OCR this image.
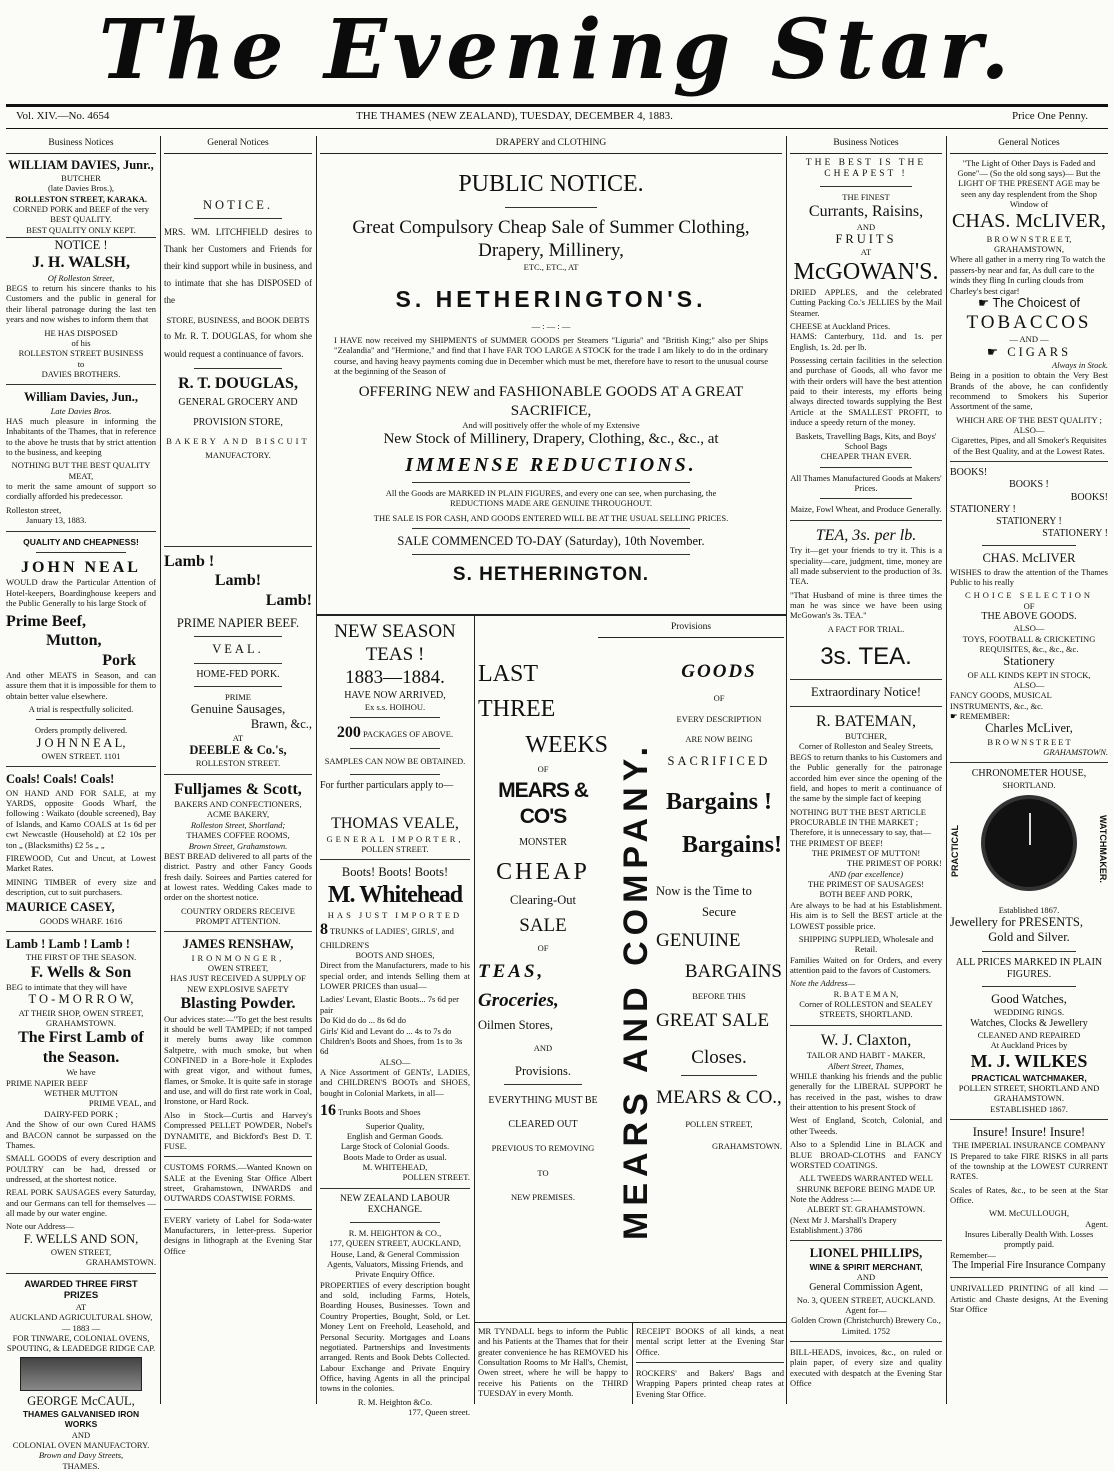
The Evening Star.
Vol. XIV.—No. 4654	THE THAMES (NEW ZEALAND), TUESDAY, DECEMBER 4, 1883.	Price One Penny.
Business Notices
WILLIAM DAVIES, Junr.,
BUTCHER
(late Davies Bros.),
ROLLESTON STREET, KARAKA.
CORNED PORK and BEEF of the very BEST QUALITY.
BEST QUALITY ONLY KEPT.
NOTICE !
J. H. WALSH,
Of Rolleston Street,
BEGS to return his sincere thanks to his Customers and the public in general for their liberal patronage during the last ten years and now wishes to inform them that
HE HAS DISPOSED
of his
ROLLESTON STREET BUSINESS
to
DAVIES BROTHERS.
William Davies, Jun.,
Late Davies Bros.
HAS much pleasure in informing the Inhabitants of the Thames, that in reference to the above he trusts that by strict attention to the business, and keeping
NOTHING BUT THE BEST QUALITY MEAT,
to merit the same amount of support so cordially afforded his predecessor.
Rolleston street,
January 13, 1883.
QUALITY AND CHEAPNESS!
JOHN NEAL
WOULD draw the Particular Attention of Hotel-keepers, Boardinghouse keepers and the Public Generally to his large Stock of
Prime Beef,
Mutton,
Pork
And other MEATS in Season, and can assure them that it is impossible for them to obtain better value elsewhere.
A trial is respectfully solicited.
Orders promptly delivered.
J O H N N E A L,
OWEN STREET. 1101
Coals! Coals! Coals!
ON HAND AND FOR SALE, at my YARDS, opposite Goods Wharf, the following : Waikato (double screened), Bay of Islands, and Kamo COALS at 1s 6d per cwt Newcastle (Household) at £2 10s per ton „ (Blacksmiths) £2 5s „ „
FIREWOOD, Cut and Uncut, at Lowest Market Rates.
MINING TIMBER of every size and description, cut to suit purchasers.
MAURICE CASEY,
GOODS WHARF. 1616
Lamb ! Lamb ! Lamb !
THE FIRST OF THE SEASON.
F. Wells & Son
BEG to intimate that they will have
T O - M O R R O W,
AT THEIR SHOP, OWEN STREET, GRAHAMSTOWN.
The First Lamb of the Season.
We have
PRIME NAPIER BEEF
WETHER MUTTON
PRIME VEAL, and
DAIRY-FED PORK ;
And the Show of our own Cured HAMS and BACON cannot be surpassed on the Thames.
SMALL GOODS of every description and POULTRY can be had, dressed or undressed, at the shortest notice.
REAL PORK SAUSAGES every Saturday, and our Germans can tell for themselves —all made by our water engine.
Note our Address—
F. WELLS AND SON,
OWEN STREET,
GRAHAMSTOWN.
AWARDED THREE FIRST PRIZES
AT
AUCKLAND AGRICULTURAL SHOW, — 1883 —
FOR TINWARE, COLONIAL OVENS, SPOUTING, & LEADEDGE RIDGE CAP.
GEORGE McCAUL,
THAMES GALVANISED IRON WORKS
AND
COLONIAL OVEN MANUFACTORY.
Brown and Davy Streets,
THAMES.
General Notices
NOTICE.
MRS. WM. LITCHFIELD desires to Thank her Customers and Friends for their kind support while in business, and to intimate that she has DISPOSED of the
STORE, BUSINESS, and BOOK DEBTS
to Mr. R. T. DOUGLAS, for whom she would request a continuance of favors.
R. T. DOUGLAS,
GENERAL GROCERY AND
PROVISION STORE,
BAKERY AND BISCUIT
MANUFACTORY.
Lamb !
Lamb!
Lamb!
PRIME NAPIER BEEF.
VEAL.
HOME-FED PORK.
PRIME
Genuine Sausages,
Brawn, &c.,
AT
DEEBLE & Co.'s,
ROLLESTON STREET.
Fulljames & Scott,
BAKERS AND CONFECTIONERS,
ACME BAKERY,
Rolleston Street, Shortland;
THAMES COFFEE ROOMS,
Brown Street, Grahamstown.
BEST BREAD delivered to all parts of the district. Pastry and other Fancy Goods fresh daily. Soirees and Parties catered for at lowest rates. Wedding Cakes made to order on the shortest notice.
COUNTRY ORDERS RECEIVE PROMPT ATTENTION.
JAMES RENSHAW,
IRONMONGER,
OWEN STREET,
HAS JUST RECEIVED A SUPPLY OF
NEW EXPLOSIVE SAFETY
Blasting Powder.
Our advices state:—"To get the best results it should be well TAMPED; if not tamped it merely burns away like common Saltpetre, with much smoke, but when CONFINED in a Bore-hole it Explodes with great vigor, and without fumes, flames, or Smoke. It is quite safe in storage and use, and will do first rate work in Coal, Ironstone, or Hard Rock.
Also in Stock—Curtis and Harvey's Compressed PELLET POWDER, Nobel's DYNAMITE, and Bickford's Best D. T. FUSE.
CUSTOMS FORMS.—Wanted Known on SALE at the Evening Star Office Albert street, Grahamstown, INWARDS and OUTWARDS COASTWISE FORMS.
EVERY variety of Label for Soda-water Manufacturers, in letter-press. Superior designs in lithograph at the Evening Star Office
DRAPERY and CLOTHING
PUBLIC NOTICE.
Great Compulsory Cheap Sale of Summer Clothing,
Drapery, Millinery,
ETC., ETC., AT
S. HETHERINGTON'S.
— : — : —
I HAVE now received my SHIPMENTS of SUMMER GOODS per Steamers "Liguria" and "British King;" also per Ships "Zealandia" and "Hermione," and find that I have FAR TOO LARGE A STOCK for the trade I am likely to do in the ordinary course, and having heavy payments coming due in December which must be met, therefore have to resort to the unusual course at the beginning of the Season of
OFFERING NEW and FASHIONABLE GOODS AT A GREAT SACRIFICE,
And will positively offer the whole of my Extensive
New Stock of Millinery, Drapery, Clothing, &c., &c., at
IMMENSE REDUCTIONS.
All the Goods are MARKED IN PLAIN FIGURES, and every one can see, when purchasing, the REDUCTIONS MADE ARE GENUINE THROUGHOUT.
THE SALE IS FOR CASH, AND GOODS ENTERED WILL BE AT THE USUAL SELLING PRICES.
SALE COMMENCED TO-DAY (Saturday), 10th November.
S. HETHERINGTON.
NEW SEASON
TEAS !
1883—1884.
HAVE NOW ARRIVED,
Ex s.s. HOIHOU.
200 PACKAGES OF ABOVE.
SAMPLES CAN NOW BE OBTAINED.
For further particulars apply to—
THOMAS VEALE,
GENERAL IMPORTER,
POLLEN STREET.
Boots! Boots! Boots!
M. Whitehead
HAS JUST IMPORTED
8 TRUNKS of LADIES', GIRLS', and CHILDREN'S
BOOTS AND SHOES,
Direct from the Manufacturers, made to his special order, and intends Selling them at LOWER PRICES than usual—
Ladies' Levant, Elastic Boots... 7s 6d per pair
Do Kid do do ... 8s 6d do
Girls' Kid and Levant do ... 4s to 7s do
Children's Boots and Shoes, from 1s to 3s 6d
ALSO—
A Nice Assortment of GENTs', LADIES, and CHILDREN'S BOOTs and SHOES, bought in Colonial Markets, in all—
16 Trunks Boots and Shoes
Superior Quality,
English and German Goods.
Large Stock of Colonial Goods.
Boots Made to Order as usual.
M. WHITEHEAD,
POLLEN STREET.
NEW ZEALAND LABOUR EXCHANGE.
R. M. HEIGHTON & CO.,
177, QUEEN STREET, AUCKLAND,
House, Land, & General Commission Agents, Valuators, Missing Friends, and Private Enquiry Office.
PROPERTIES of every description bought and sold, including Farms, Hotels, Boarding Houses, Businesses. Town and Country Properties, Bought, Sold, or Let. Money Lent on Freehold, Leasehold, and Personal Security. Mortgages and Loans negotiated. Partnerships and Investments arranged. Rents and Book Debts Collected. Labour Exchange and Private Enquiry Office, having Agents in all the principal towns in the colonies.
R. M. Heighton &Co.
177, Queen street.
Provisions
LAST
THREE
WEEKS
OF
MEARS & CO'S
MONSTER
CHEAP
Clearing-Out
SALE
OF
TEAS,
Groceries,
Oilmen Stores,
AND
Provisions.
EVERYTHING MUST BE
CLEARED OUT
PREVIOUS TO REMOVING
TO
NEW PREMISES.	MEARS AND COMPANY.
GOODS
OF
EVERY DESCRIPTION
ARE NOW BEING
SACRIFICED
Bargains !
Bargains!
Now is the Time to
Secure
GENUINE
BARGAINS
BEFORE THIS
GREAT SALE
Closes.
MEARS & CO.,
POLLEN STREET,
GRAHAMSTOWN.
MR TYNDALL begs to inform the Public and his Patients at the Thames that for their greater convenience he has REMOVED his Consultation Rooms to Mr Hall's, Chemist, Owen street, where he will be happy to receive his Patients on the THIRD TUESDAY in every Month.
RECEIPT BOOKS of all kinds, a neat mental script letter at the Evening Star Office.
ROCKERS' and Bakers' Bags and Wrapping Papers printed cheap rates at Evening Star Office.
Business Notices
THE BEST IS THE CHEAPEST !
THE FINEST
Currants, Raisins,
AND
FRUITS
AT
McGOWAN'S.
DRIED APPLES, and the celebrated Cutting Packing Co.'s JELLIES by the Mail Steamer.
CHEESE at Auckland Prices.
HAMS: Canterbury, 11d. and 1s. per English, 1s. 2d. per lb.
Possessing certain facilities in the selection and purchase of Goods, all who favor me with their orders will have the best attention paid to their interests, my efforts being always directed towards supplying the Best Article at the SMALLEST PROFIT, to induce a speedy return of the money.
Baskets, Travelling Bags, Kits, and Boys' School Bags
CHEAPER THAN EVER.
All Thames Manufactured Goods at Makers' Prices.
Maize, Fowl Wheat, and Produce Generally.
TEA, 3s. per lb.
Try it—get your friends to try it. This is a speciality—care, judgment, time, money are all made subservient to the production of 3s. TEA.
"That Husband of mine is three times the man he was since we have been using McGowan's 3s. TEA."
A FACT FOR TRIAL.
3s. TEA.
Extraordinary Notice!
R. BATEMAN,
BUTCHER,
Corner of Rolleston and Sealey Streets,
BEGS to return thanks to his Customers and the Public generally for the patronage accorded him ever since the opening of the field, and hopes to merit a continuance of the same by the simple fact of keeping
NOTHING BUT THE BEST ARTICLE PROCURABLE IN THE MARKET ;
Therefore, it is unnecessary to say, that—
THE PRIMEST OF BEEF!
THE PRIMEST OF MUTTON!
THE PRIMEST OF PORK!
AND (par excellence)
THE PRIMEST OF SAUSAGES!
BOTH BEEF AND PORK,
Are always to be had at his Establishment. His aim is to Sell the BEST article at the LOWEST possible price.
SHIPPING SUPPLIED, Wholesale and Retail.
Families Waited on for Orders, and every attention paid to the favors of Customers.
Note the Address—
R. B A T E M A N,
Corner of ROLLESTON and SEALEY STREETS, SHORTLAND.
W. J. Claxton,
TAILOR AND HABIT - MAKER,
Albert Street, Thames,
WHILE thanking his friends and the public generally for the LIBERAL SUPPORT he has received in the past, wishes to draw their attention to his present Stock of
West of England, Scotch, Colonial, and other Tweeds.
Also to a Splendid Line in BLACK and BLUE BROAD-CLOTHS and FANCY WORSTED COATINGS.
ALL TWEEDS WARRANTED WELL SHRUNK BEFORE BEING MADE UP.
Note the Address :—
ALBERT ST. GRAHAMSTOWN.
(Next Mr J. Marshall's Drapery Establishment.) 3786
LIONEL PHILLIPS,
WINE & SPIRIT MERCHANT,
AND
General Commission Agent,
No. 3, QUEEN STREET, AUCKLAND.
Agent for—
Golden Crown (Christchurch) Brewery Co., Limited. 1752
BILL-HEADS, invoices, &c., on ruled or plain paper, of every size and quality executed with despatch at the Evening Star Office
General Notices
"The Light of Other Days is Faded and Gone"— (So the old song says)— But the LIGHT OF THE PRESENT AGE may be seen any day resplendent from the Shop Window of
CHAS. McLIVER,
B R O W N S T R E E T,
GRAHAMSTOWN,
Where all gather in a merry ring To watch the passers-by near and far, As dull care to the winds they fling In curling clouds from Charley's best cigar!
☛ The Choicest of
TOBACCOS
— AND —
☛ CIGARS
Always in Stock.
Being in a position to obtain the Very Best Brands of the above, he can confidently recommend to Smokers his Superior Assortment of the same,
WHICH ARE OF THE BEST QUALITY ;
ALSO—
Cigarettes, Pipes, and all Smoker's Requisites of the Best Quality, and at the Lowest Rates.
BOOKS!
BOOKS !
BOOKS!
STATIONERY !
STATIONERY !
STATIONERY !
CHAS. McLIVER
WISHES to draw the attention of the Thames Public to his really
CHOICE SELECTION
OF
THE ABOVE GOODS.
ALSO—
TOYS, FOOTBALL & CRICKETING REQUISITES, &c., &c., &c.
Stationery
OF ALL KINDS KEPT IN STOCK,
ALSO—
FANCY GOODS, MUSICAL INSTRUMENTS, &c., &c.
☛ REMEMBER:
Charles McLiver,
B R O W N S T R E E T
GRAHAMSTOWN.
CHRONOMETER HOUSE,
SHORTLAND.
PRACTICAL	WATCHMAKER.
Established 1867.
Jewellery for PRESENTS,
Gold and Silver.
ALL PRICES MARKED IN PLAIN FIGURES.
Good Watches,
WEDDING RINGS.
Watches, Clocks & Jewellery
CLEANED AND REPAIRED
At Auckland Prices by
M. J. WILKES
PRACTICAL WATCHMAKER,
POLLEN STREET, SHORTLAND AND GRAHAMSTOWN.
ESTABLISHED 1867.
Insure! Insure! Insure!
THE IMPERIAL INSURANCE COMPANY
IS Prepared to take FIRE RISKS in all parts of the township at the LOWEST CURRENT RATES.
Scales of Rates, &c., to be seen at the Star Office.
WM. McCULLOUGH,
Agent.
Insures Liberally Dealth With. Losses promptly paid.
Remember—
The Imperial Fire Insurance Company
UNRIVALLED PRINTING of all kind —Artistic and Chaste designs, At the Evening Star Office
